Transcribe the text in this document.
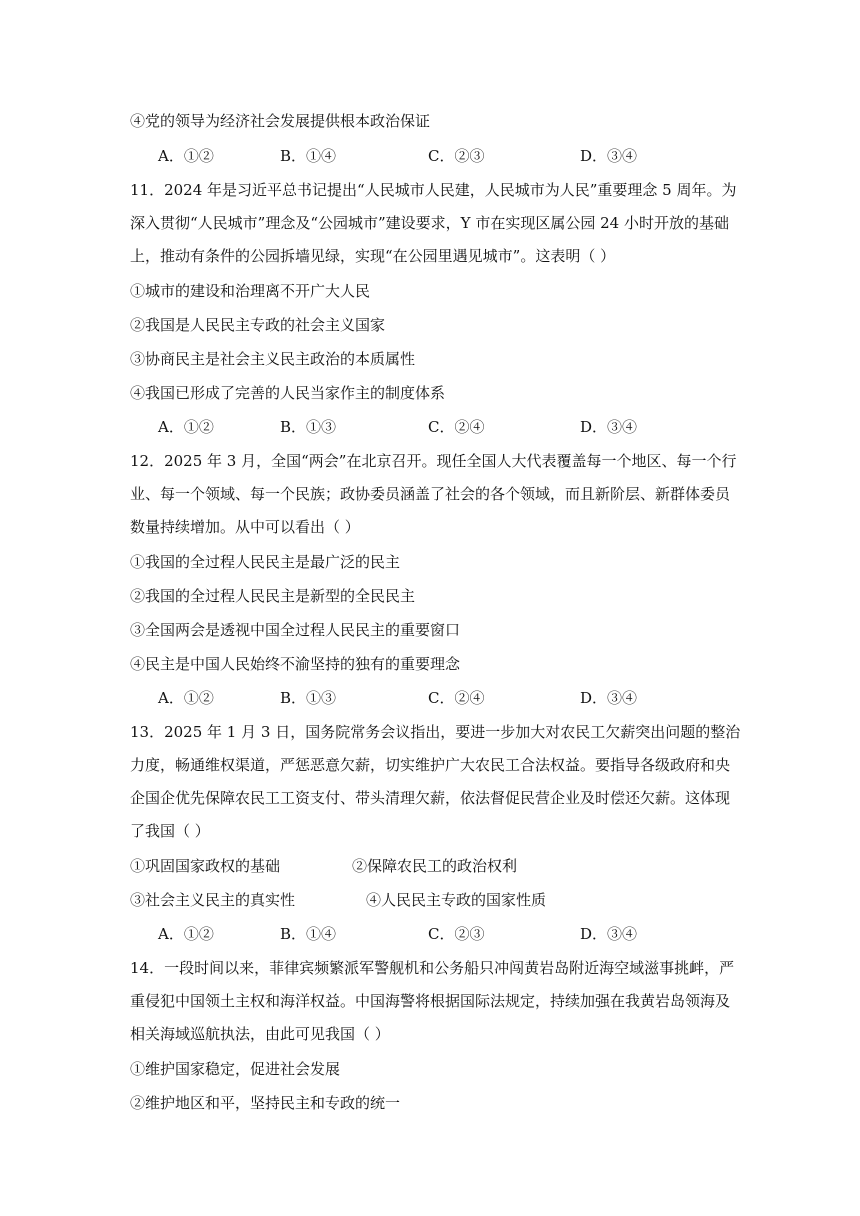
④党的领导为经济社会发展提供根本政治保证
A．①②	B．①④	C．②③	D．③④
11．2024 年是习近平总书记提出“人民城市人民建，人民城市为人民”重要理念 5 周年。为
深入贯彻“人民城市”理念及“公园城市”建设要求，Y 市在实现区属公园 24 小时开放的基础
上，推动有条件的公园拆墙见绿，实现“在公园里遇见城市”。这表明（ ）
①城市的建设和治理离不开广大人民
②我国是人民民主专政的社会主义国家
③协商民主是社会主义民主政治的本质属性
④我国已形成了完善的人民当家作主的制度体系
A．①②	B．①③	C．②④	D．③④
12．2025 年 3 月，全国“两会”在北京召开。现任全国人大代表覆盖每一个地区、每一个行
业、每一个领域、每一个民族；政协委员涵盖了社会的各个领域，而且新阶层、新群体委员
数量持续增加。从中可以看出（ ）
①我国的全过程人民民主是最广泛的民主
②我国的全过程人民民主是新型的全民民主
③全国两会是透视中国全过程人民民主的重要窗口
④民主是中国人民始终不渝坚持的独有的重要理念
A．①②	B．①③	C．②④	D．③④
13．2025 年 1 月 3 日，国务院常务会议指出，要进一步加大对农民工欠薪突出问题的整治
力度，畅通维权渠道，严惩恶意欠薪，切实维护广大农民工合法权益。要指导各级政府和央
企国企优先保障农民工工资支付、带头清理欠薪，依法督促民营企业及时偿还欠薪。这体现
了我国（ ）
①巩固国家政权的基础	②保障农民工的政治权利
③社会主义民主的真实性	④人民民主专政的国家性质
A．①②	B．①④	C．②③	D．③④
14．一段时间以来，菲律宾频繁派军警舰机和公务船只冲闯黄岩岛附近海空域滋事挑衅，严
重侵犯中国领土主权和海洋权益。中国海警将根据国际法规定，持续加强在我黄岩岛领海及
相关海域巡航执法，由此可见我国（ ）
①维护国家稳定，促进社会发展
②维护地区和平，坚持民主和专政的统一
